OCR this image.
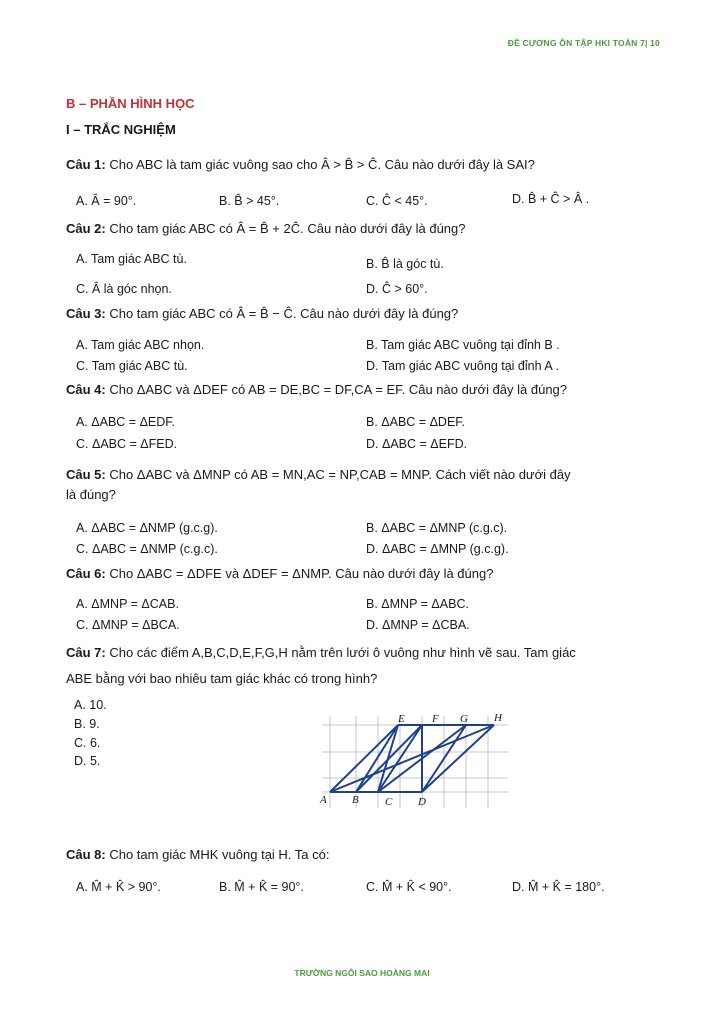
ĐỀ CƯƠNG ÔN TẬP HKI TOÁN 7| 10
B – PHẦN HÌNH HỌC
I – TRẮC NGHIỆM
Câu 1: Cho ABC là tam giác vuông sao cho Â > B̂ > Ĉ. Câu nào dưới đây là SAI?
A. Â = 90°.	B. B̂ > 45°.	C. Ĉ < 45°.	D. B̂ + Ĉ > Â .
Câu 2: Cho tam giác ABC có Â = B̂ + 2Ĉ. Câu nào dưới đây là đúng?
A. Tam giác ABC tù.	B. B̂ là góc tù.
C. Â là góc nhọn.	D. Ĉ > 60°.
Câu 3: Cho tam giác ABC có Â = B̂ − Ĉ. Câu nào dưới đây là đúng?
A. Tam giác ABC nhọn.	B. Tam giác ABC vuông tại đỉnh B .
C. Tam giác ABC tù.	D. Tam giác ABC vuông tại đỉnh A .
Câu 4: Cho ΔABC và ΔDEF có AB = DE,BC = DF,CA = EF. Câu nào dưới đây là đúng?
A. ΔABC = ΔEDF.	B. ΔABC = ΔDEF.
C. ΔABC = ΔFED.	D. ΔABC = ΔEFD.
Câu 5: Cho ΔABC và ΔMNP có AB = MN,AC = NP,CAB = MNP. Cách viết nào dưới đây
là đúng?
A. ΔABC = ΔNMP (g.c.g).	B. ΔABC = ΔMNP (c.g.c).
C. ΔABC = ΔNMP (c.g.c).	D. ΔABC = ΔMNP (g.c.g).
Câu 6: Cho ΔABC = ΔDFE và ΔDEF = ΔNMP. Câu nào dưới đây là đúng?
A. ΔMNP = ΔCAB.	B. ΔMNP = ΔABC.
C. ΔMNP = ΔBCA.	D. ΔMNP = ΔCBA.
Câu 7: Cho các điểm A,B,C,D,E,F,G,H nằm trên lưới ô vuông như hình vẽ sau. Tam giác
ABE bằng với bao nhiêu tam giác khác có trong hình?
A. 10.
B. 9.
C. 6.
D. 5.
A B C D
E F G H
Câu 8: Cho tam giác MHK vuông tại H. Ta có:
A. M̂ + K̂ > 90°.	B. M̂ + K̂ = 90°.	C. M̂ + K̂ < 90°.	D. M̂ + K̂ = 180°.
TRƯỜNG NGÔI SAO HOÀNG MAI
